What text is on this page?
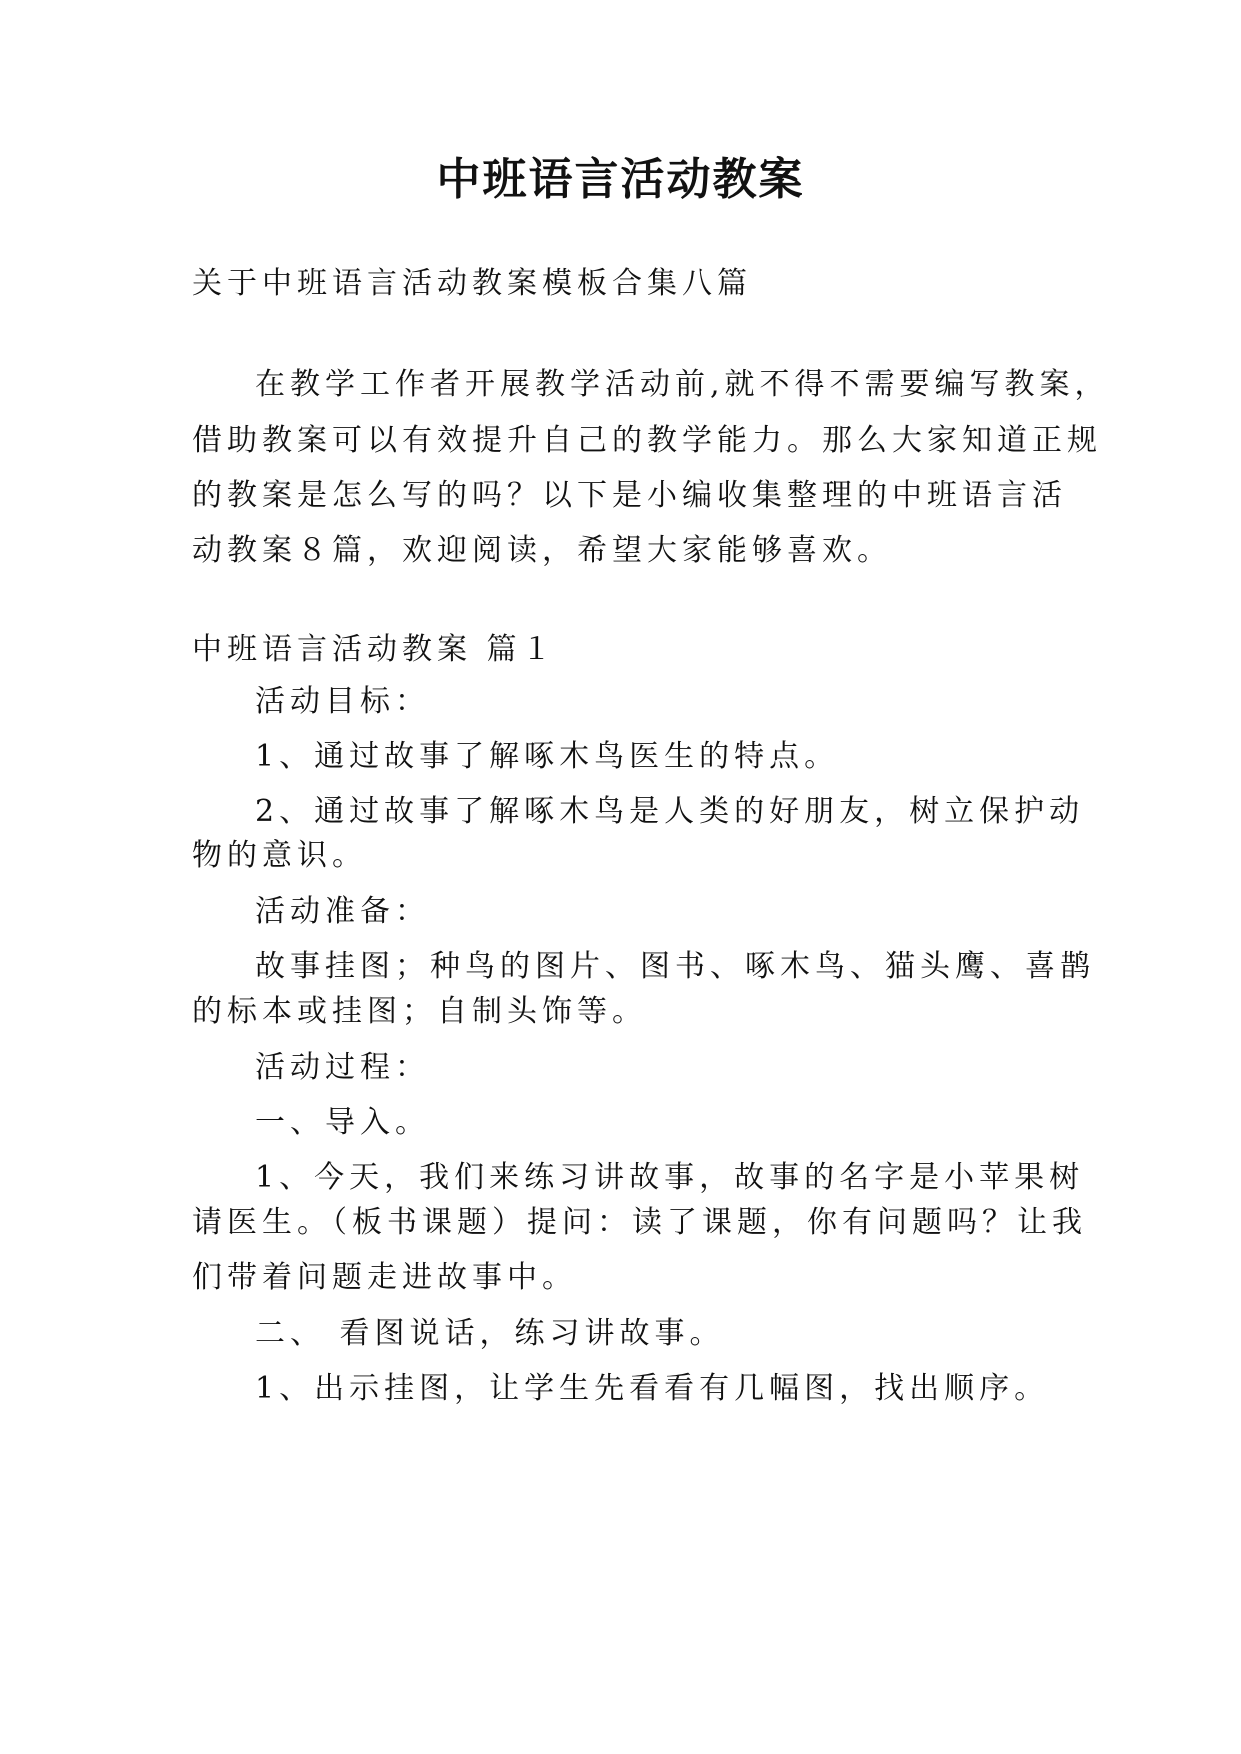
中班语言活动教案

关于中班语言活动教案模板合集八篇

在教学工作者开展教学活动前,就不得不需要编写教案，

借助教案可以有效提升自己的教学能力。那么大家知道正规

的教案是怎么写的吗？以下是小编收集整理的中班语言活

动教案８篇，欢迎阅读，希望大家能够喜欢。

中班语言活动教案 篇１

活动目标：

1、通过故事了解啄木鸟医生的特点。

2、通过故事了解啄木鸟是人类的好朋友，树立保护动

物的意识。

活动准备：

故事挂图；种鸟的图片、图书、啄木鸟、猫头鹰、喜鹊

的标本或挂图；自制头饰等。

活动过程：

一、导入。

1、今天，我们来练习讲故事，故事的名字是小苹果树

请医生。（板书课题）提问：读了课题，你有问题吗？让我

们带着问题走进故事中。

二、 看图说话，练习讲故事。

1、出示挂图，让学生先看看有几幅图，找出顺序。
